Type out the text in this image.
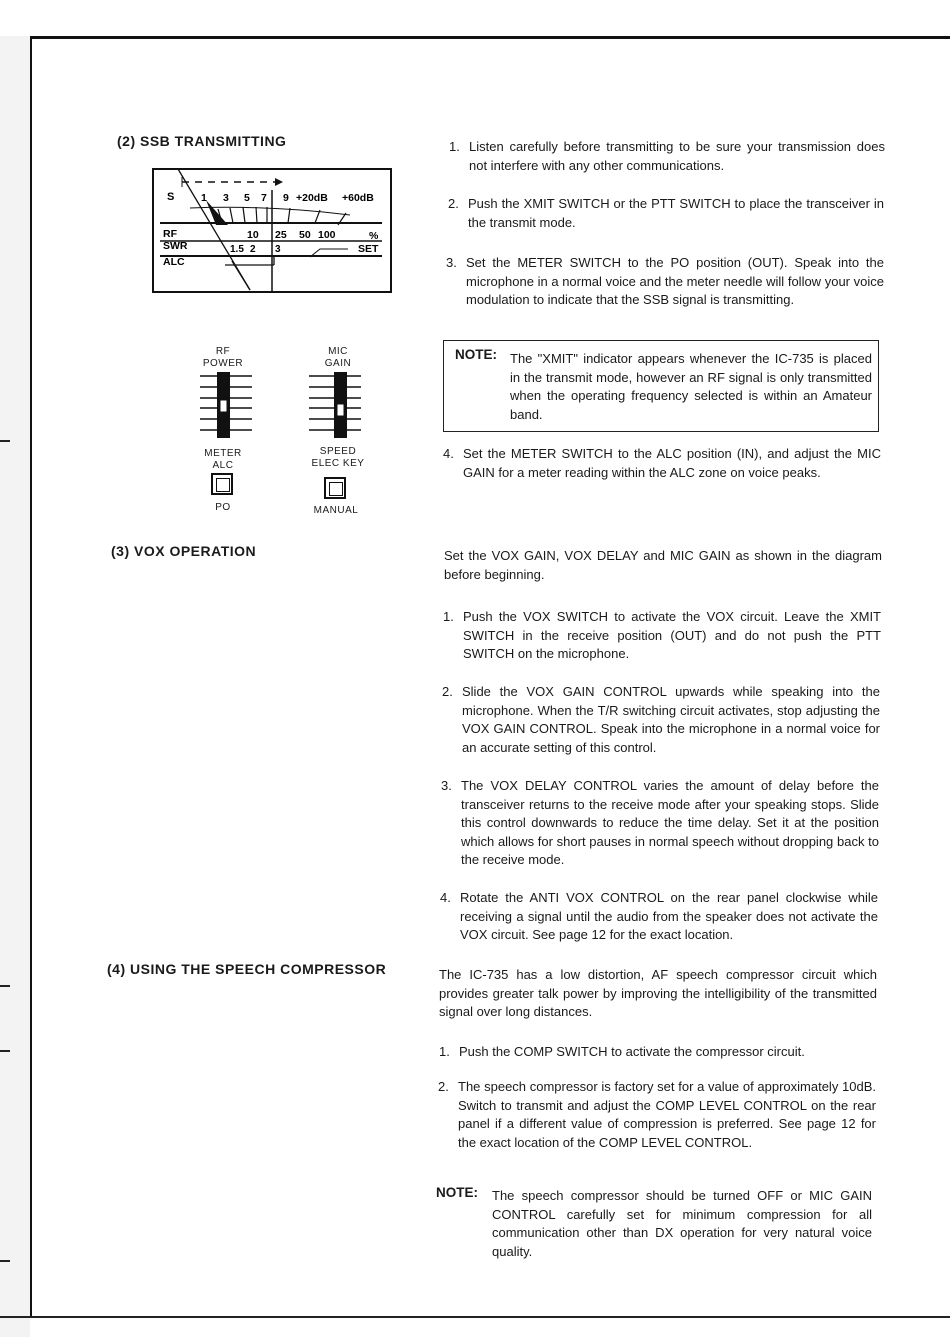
(2) SSB TRANSMITTING
S	1 3 5 7 9 +20dB +60dB
RF
SWR
ALC
10 25 50 100	%
1.5 2 3	SET
RF
POWER
MIC
GAIN
METER
ALC
SPEED
ELEC KEY
PO	MANUAL
1. Listen carefully before transmitting to be sure your transmission does not interfere with any other communications.
2. Push the XMIT SWITCH or the PTT SWITCH to place the transceiver in the transmit mode.
3. Set the METER SWITCH to the PO position (OUT). Speak into the microphone in a normal voice and the meter needle will follow your voice modulation to indicate that the SSB signal is transmitting.
NOTE: The "XMIT" indicator appears whenever the IC-735 is placed in the transmit mode, however an RF signal is only transmitted when the operating frequency selected is within an Amateur band.
4. Set the METER SWITCH to the ALC position (IN), and adjust the MIC GAIN for a meter reading within the ALC zone on voice peaks.
(3) VOX OPERATION	Set the VOX GAIN, VOX DELAY and MIC GAIN as shown in the diagram before beginning.
1. Push the VOX SWITCH to activate the VOX circuit. Leave the XMIT SWITCH in the receive position (OUT) and do not push the PTT SWITCH on the microphone.
2. Slide the VOX GAIN CONTROL upwards while speaking into the microphone. When the T/R switching circuit activates, stop adjusting the VOX GAIN CONTROL. Speak into the microphone in a normal voice for an accurate setting of this control.
3. The VOX DELAY CONTROL varies the amount of delay before the transceiver returns to the receive mode after your speaking stops. Slide this control downwards to reduce the time delay. Set it at the position which allows for short pauses in normal speech without dropping back to the receive mode.
4. Rotate the ANTI VOX CONTROL on the rear panel clockwise while receiving a signal until the audio from the speaker does not activate the VOX circuit. See page 12 for the exact location.
(4) USING THE SPEECH COMPRESSOR	The IC-735 has a low distortion, AF speech compressor circuit which provides greater talk power by improving the intelligibility of the transmitted signal over long distances.
1. Push the COMP SWITCH to activate the compressor circuit.
2. The speech compressor is factory set for a value of approximately 10dB. Switch to transmit and adjust the COMP LEVEL CONTROL on the rear panel if a different value of compression is preferred. See page 12 for the exact location of the COMP LEVEL CONTROL.
NOTE: The speech compressor should be turned OFF or MIC GAIN CONTROL carefully set for minimum compression for all communication other than DX operation for very natural voice quality.
